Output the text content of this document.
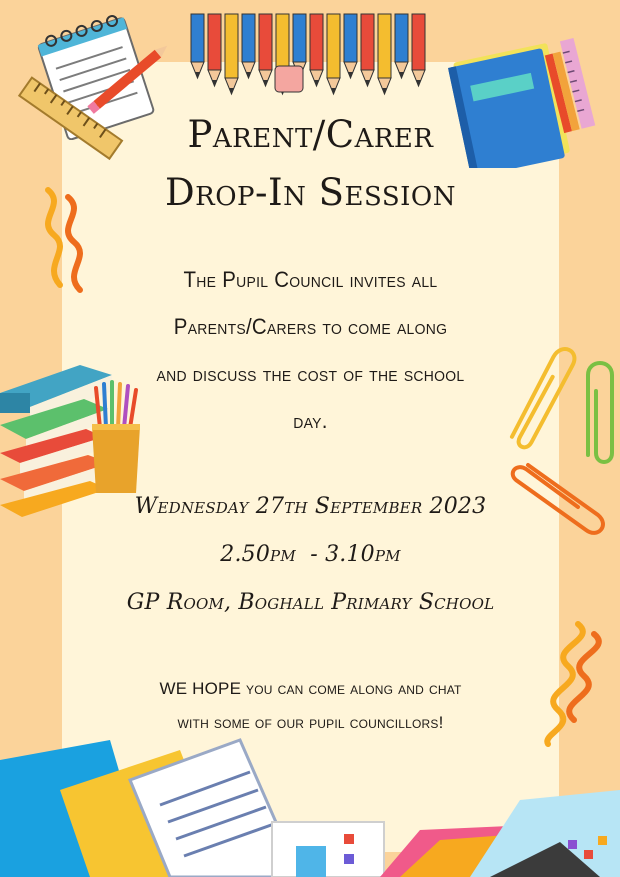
Parent/Carer
Drop-In Session
The Pupil Council invites all
Parents/Carers to come along
and discuss the cost of the school
day.
Wednesday 27th September 2023
2.50pm  - 3.10pm
GP Room, Boghall Primary School
WE HOPE you can come along and chat
with some of our pupil councillors!
